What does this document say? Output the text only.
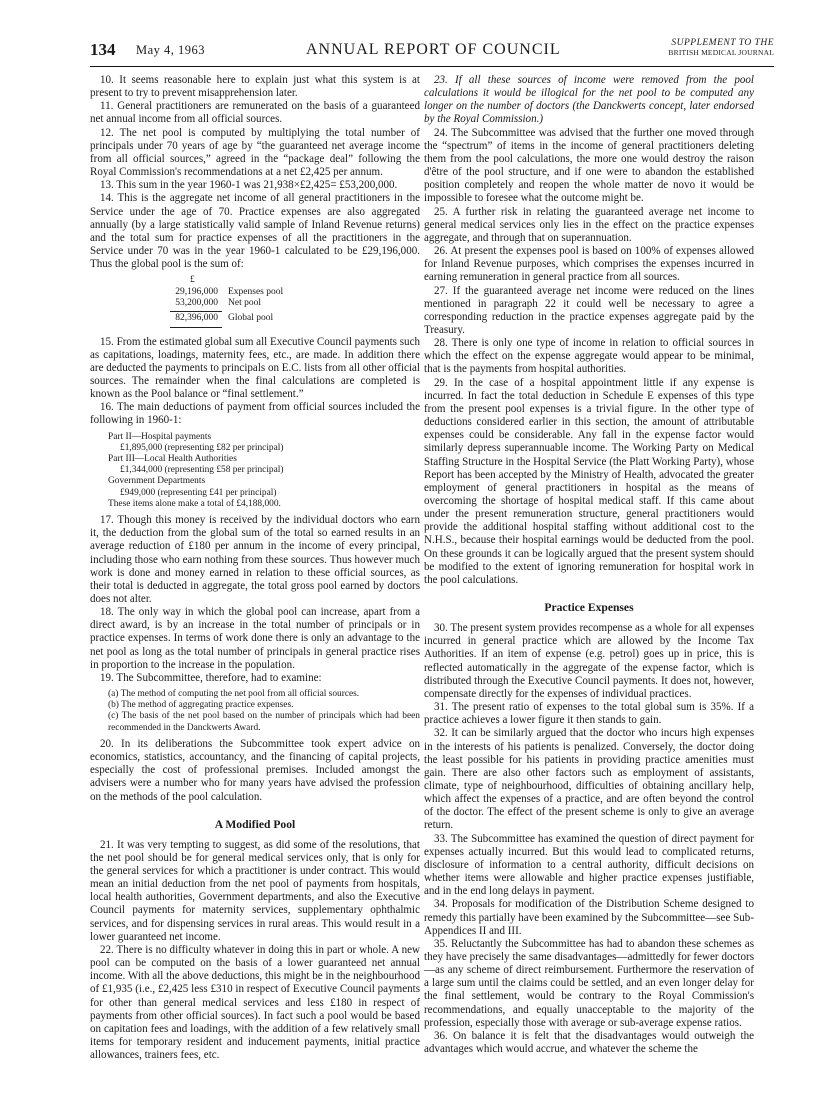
134 May 4, 1963	ANNUAL REPORT OF COUNCIL	SUPPLEMENT TO THE
BRITISH MEDICAL JOURNAL

10. It seems reasonable here to explain just what this system is at present to try to prevent misapprehension later.

11. General practitioners are remunerated on the basis of a guaranteed net annual income from all official sources.

12. The net pool is computed by multiplying the total number of principals under 70 years of age by “the guaranteed net average income from all official sources,” agreed in the “package deal” following the Royal Commission's recommendations at a net £2,425 per annum.

13. This sum in the year 1960-1 was 21,938×£2,425= £53,200,000.

14. This is the aggregate net income of all general practitioners in the Service under the age of 70. Practice expenses are also aggregated annually (by a large statistically valid sample of Inland Revenue returns) and the total sum for practice expenses of all the practitioners in the Service under 70 was in the year 1960-1 calculated to be £29,196,000. Thus the global pool is the sum of:

£
29,196,000	Expenses pool
53,200,000	Net pool
82,396,000	Global pool

15. From the estimated global sum all Executive Council payments such as capitations, loadings, maternity fees, etc., are made. In addition there are deducted the payments to principals on E.C. lists from all other official sources. The remainder when the final calculations are completed is known as the Pool balance or “final settlement.”

16. The main deductions of payment from official sources included the following in 1960-1:

Part II—Hospital payments

£1,895,000 (representing £82 per principal)

Part III—Local Health Authorities

£1,344,000 (representing £58 per principal)

Government Departments

£949,000 (representing £41 per principal)

These items alone make a total of £4,188,000.

17. Though this money is received by the individual doctors who earn it, the deduction from the global sum of the total so earned results in an average reduction of £180 per annum in the income of every principal, including those who earn nothing from these sources. Thus however much work is done and money earned in relation to these official sources, as their total is deducted in aggregate, the total gross pool earned by doctors does not alter.

18. The only way in which the global pool can increase, apart from a direct award, is by an increase in the total number of principals or in practice expenses. In terms of work done there is only an advantage to the net pool as long as the total number of principals in general practice rises in proportion to the increase in the population.

19. The Subcommittee, therefore, had to examine:

(a) The method of computing the net pool from all official sources.

(b) The method of aggregating practice expenses.

(c) The basis of the net pool based on the number of principals which had been recommended in the Danckwerts Award.

20. In its deliberations the Subcommittee took expert advice on economics, statistics, accountancy, and the financing of capital projects, especially the cost of professional premises. Included amongst the advisers were a number who for many years have advised the profession on the methods of the pool calculation.

A Modified Pool

21. It was very tempting to suggest, as did some of the resolutions, that the net pool should be for general medical services only, that is only for the general services for which a practitioner is under contract. This would mean an initial deduction from the net pool of payments from hospitals, local health authorities, Government departments, and also the Executive Council payments for maternity services, supplementary ophthalmic services, and for dispensing services in rural areas. This would result in a lower guaranteed net income.

22. There is no difficulty whatever in doing this in part or whole. A new pool can be computed on the basis of a lower guaranteed net annual income. With all the above deductions, this might be in the neighbourhood of £1,935 (i.e., £2,425 less £310 in respect of Executive Council payments for other than general medical services and less £180 in respect of payments from other official sources). In fact such a pool would be based on capitation fees and loadings, with the addition of a few relatively small items for temporary resident and inducement payments, initial practice allowances, trainers fees, etc.

23. If all these sources of income were removed from the pool calculations it would be illogical for the net pool to be computed any longer on the number of doctors (the Danckwerts concept, later endorsed by the Royal Commission.)

24. The Subcommittee was advised that the further one moved through the “spectrum” of items in the income of general practitioners deleting them from the pool calculations, the more one would destroy the raison d'être of the pool structure, and if one were to abandon the established position completely and reopen the whole matter de novo it would be impossible to foresee what the outcome might be.

25. A further risk in relating the guaranteed average net income to general medical services only lies in the effect on the practice expenses aggregate, and through that on superannuation.

26. At present the expenses pool is based on 100% of expenses allowed for Inland Revenue purposes, which comprises the expenses incurred in earning remuneration in general practice from all sources.

27. If the guaranteed average net income were reduced on the lines mentioned in paragraph 22 it could well be necessary to agree a corresponding reduction in the practice expenses aggregate paid by the Treasury.

28. There is only one type of income in relation to official sources in which the effect on the expense aggregate would appear to be minimal, that is the payments from hospital authorities.

29. In the case of a hospital appointment little if any expense is incurred. In fact the total deduction in Schedule E expenses of this type from the present pool expenses is a trivial figure. In the other type of deductions considered earlier in this section, the amount of attributable expenses could be considerable. Any fall in the expense factor would similarly depress superannuable income. The Working Party on Medical Staffing Structure in the Hospital Service (the Platt Working Party), whose Report has been accepted by the Ministry of Health, advocated the greater employment of general practitioners in hospital as the means of overcoming the shortage of hospital medical staff. If this came about under the present remuneration structure, general practitioners would provide the additional hospital staffing without additional cost to the N.H.S., because their hospital earnings would be deducted from the pool. On these grounds it can be logically argued that the present system should be modified to the extent of ignoring remuneration for hospital work in the pool calculations.

Practice Expenses

30. The present system provides recompense as a whole for all expenses incurred in general practice which are allowed by the Income Tax Authorities. If an item of expense (e.g. petrol) goes up in price, this is reflected automatically in the aggregate of the expense factor, which is distributed through the Executive Council payments. It does not, however, compensate directly for the expenses of individual practices.

31. The present ratio of expenses to the total global sum is 35%. If a practice achieves a lower figure it then stands to gain.

32. It can be similarly argued that the doctor who incurs high expenses in the interests of his patients is penalized. Conversely, the doctor doing the least possible for his patients in providing practice amenities must gain. There are also other factors such as employment of assistants, climate, type of neighbourhood, difficulties of obtaining ancillary help, which affect the expenses of a practice, and are often beyond the control of the doctor. The effect of the present scheme is only to give an average return.

33. The Subcommittee has examined the question of direct payment for expenses actually incurred. But this would lead to complicated returns, disclosure of information to a central authority, difficult decisions on whether items were allowable and higher practice expenses justifiable, and in the end long delays in payment.

34. Proposals for modification of the Distribution Scheme designed to remedy this partially have been examined by the Subcommittee—see Sub-Appendices II and III.

35. Reluctantly the Subcommittee has had to abandon these schemes as they have precisely the same disadvantages—admittedly for fewer doctors—as any scheme of direct reimbursement. Furthermore the reservation of a large sum until the claims could be settled, and an even longer delay for the final settlement, would be contrary to the Royal Commission's recommendations, and equally unacceptable to the majority of the profession, especially those with average or sub-average expense ratios.

36. On balance it is felt that the disadvantages would outweigh the advantages which would accrue, and whatever the scheme the
